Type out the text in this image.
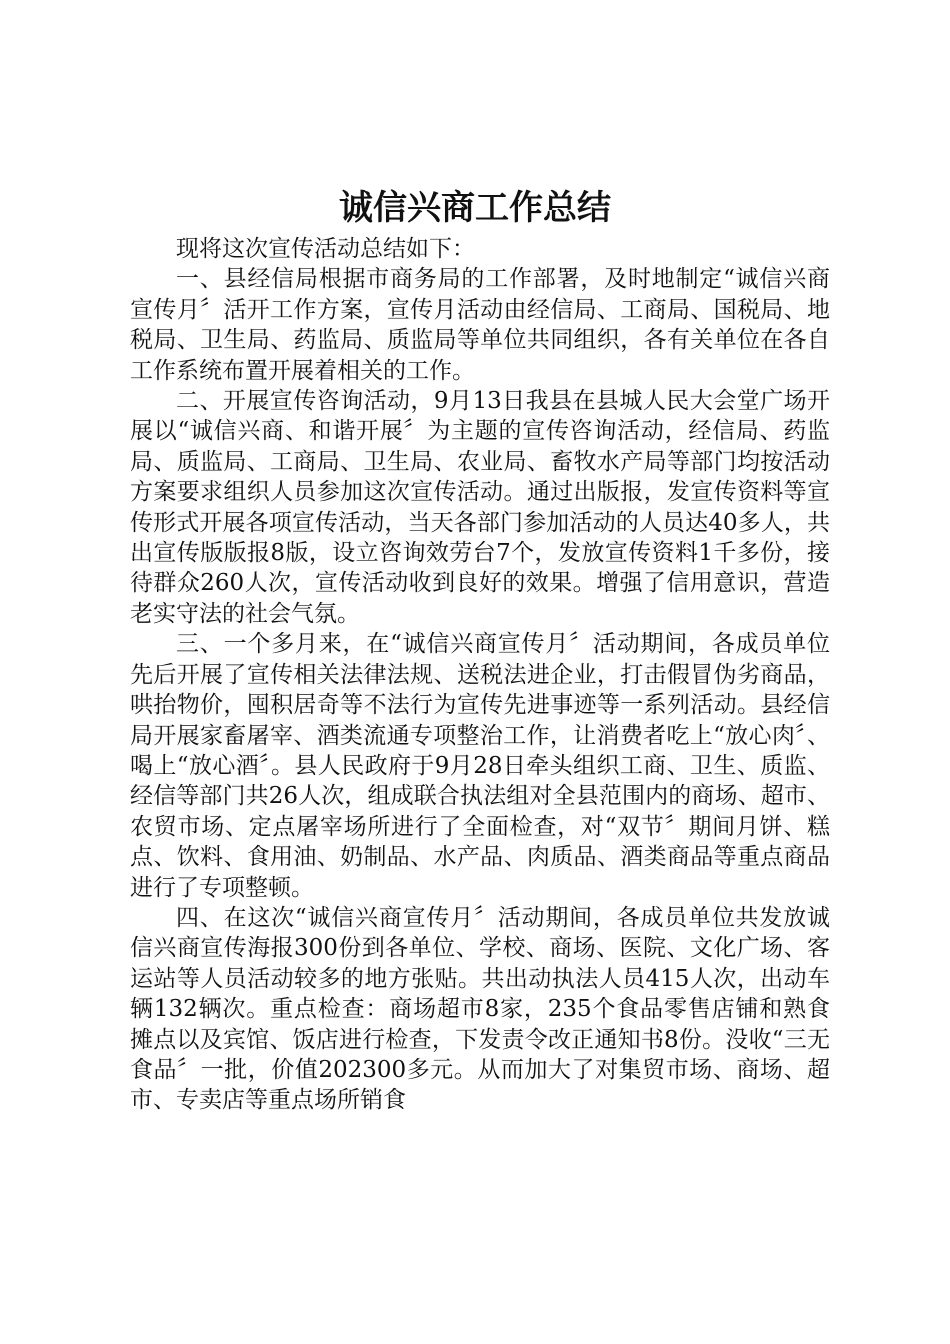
诚信兴商工作总结

现将这次宣传活动总结如下：

一、县经信局根据市商务局的工作部署，及时地制定“诚信兴商宣传月〞活开工作方案，宣传月活动由经信局、工商局、国税局、地税局、卫生局、药监局、质监局等单位共同组织，各有关单位在各自工作系统布置开展着相关的工作。

二、开展宣传咨询活动，9月13日我县在县城人民大会堂广场开展以“诚信兴商、和谐开展〞为主题的宣传咨询活动，经信局、药监局、质监局、工商局、卫生局、农业局、畜牧水产局等部门均按活动方案要求组织人员参加这次宣传活动。通过出版报，发宣传资料等宣传形式开展各项宣传活动，当天各部门参加活动的人员达40多人，共出宣传版版报8版，设立咨询效劳台7个，发放宣传资料1千多份，接待群众260人次，宣传活动收到良好的效果。增强了信用意识，营造老实守法的社会气氛。

三、一个多月来，在“诚信兴商宣传月〞活动期间，各成员单位先后开展了宣传相关法律法规、送税法进企业，打击假冒伪劣商品，哄抬物价，囤积居奇等不法行为宣传先进事迹等一系列活动。县经信局开展家畜屠宰、酒类流通专项整治工作，让消费者吃上“放心肉〞、喝上“放心酒〞。县人民政府于9月28日牵头组织工商、卫生、质监、经信等部门共26人次，组成联合执法组对全县范围内的商场、超市、农贸市场、定点屠宰场所进行了全面检查，对“双节〞期间月饼、糕点、饮料、食用油、奶制品、水产品、肉质品、酒类商品等重点商品进行了专项整顿。

四、在这次“诚信兴商宣传月〞活动期间，各成员单位共发放诚信兴商宣传海报300份到各单位、学校、商场、医院、文化广场、客运站等人员活动较多的地方张贴。共出动执法人员415人次，出动车辆132辆次。重点检查：商场超市8家，235个食品零售店铺和熟食摊点以及宾馆、饭店进行检查，下发责令改正通知书8份。没收“三无食品〞一批，价值202300多元。从而加大了对集贸市场、商场、超市、专卖店等重点场所销食
